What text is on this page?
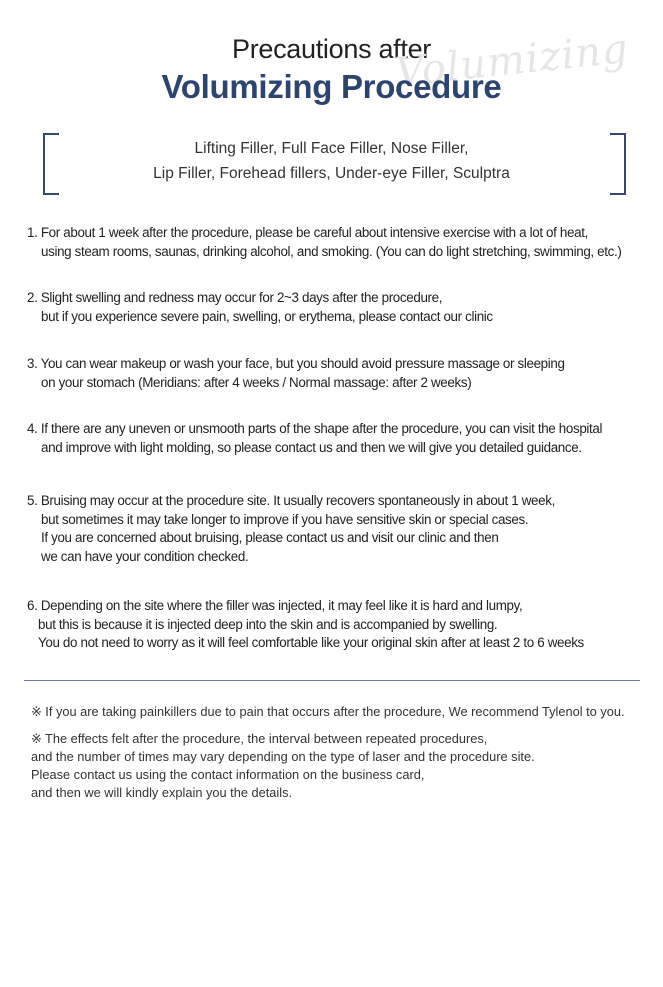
Precautions after
Volumizing
Volumizing Procedure
Lifting Filler, Full Face Filler, Nose Filler,
Lip Filler, Forehead fillers, Under-eye Filler, Sculptra
1. For about 1 week after the procedure, please be careful about intensive exercise with a lot of heat,
using steam rooms, saunas, drinking alcohol, and smoking. (You can do light stretching, swimming, etc.)
2. Slight swelling and redness may occur for 2~3 days after the procedure,
but if you experience severe pain, swelling, or erythema, please contact our clinic
3. You can wear makeup or wash your face, but you should avoid pressure massage or sleeping
on your stomach (Meridians: after 4 weeks / Normal massage: after 2 weeks)
4. If there are any uneven or unsmooth parts of the shape after the procedure, you can visit the hospital
and improve with light molding, so please contact us and then we will give you detailed guidance.
5. Bruising may occur at the procedure site. It usually recovers spontaneously in about 1 week,
but sometimes it may take longer to improve if you have sensitive skin or special cases.
If you are concerned about bruising, please contact us and visit our clinic and then
we can have your condition checked.
6. Depending on the site where the filler was injected, it may feel like it is hard and lumpy,
but this is because it is injected deep into the skin and is accompanied by swelling.
You do not need to worry as it will feel comfortable like your original skin after at least 2 to 6 weeks
※ If you are taking painkillers due to pain that occurs after the procedure, We recommend Tylenol to you.
※ The effects felt after the procedure, the interval between repeated procedures,
and the number of times may vary depending on the type of laser and the procedure site.
Please contact us using the contact information on the business card,
and then we will kindly explain you the details.
